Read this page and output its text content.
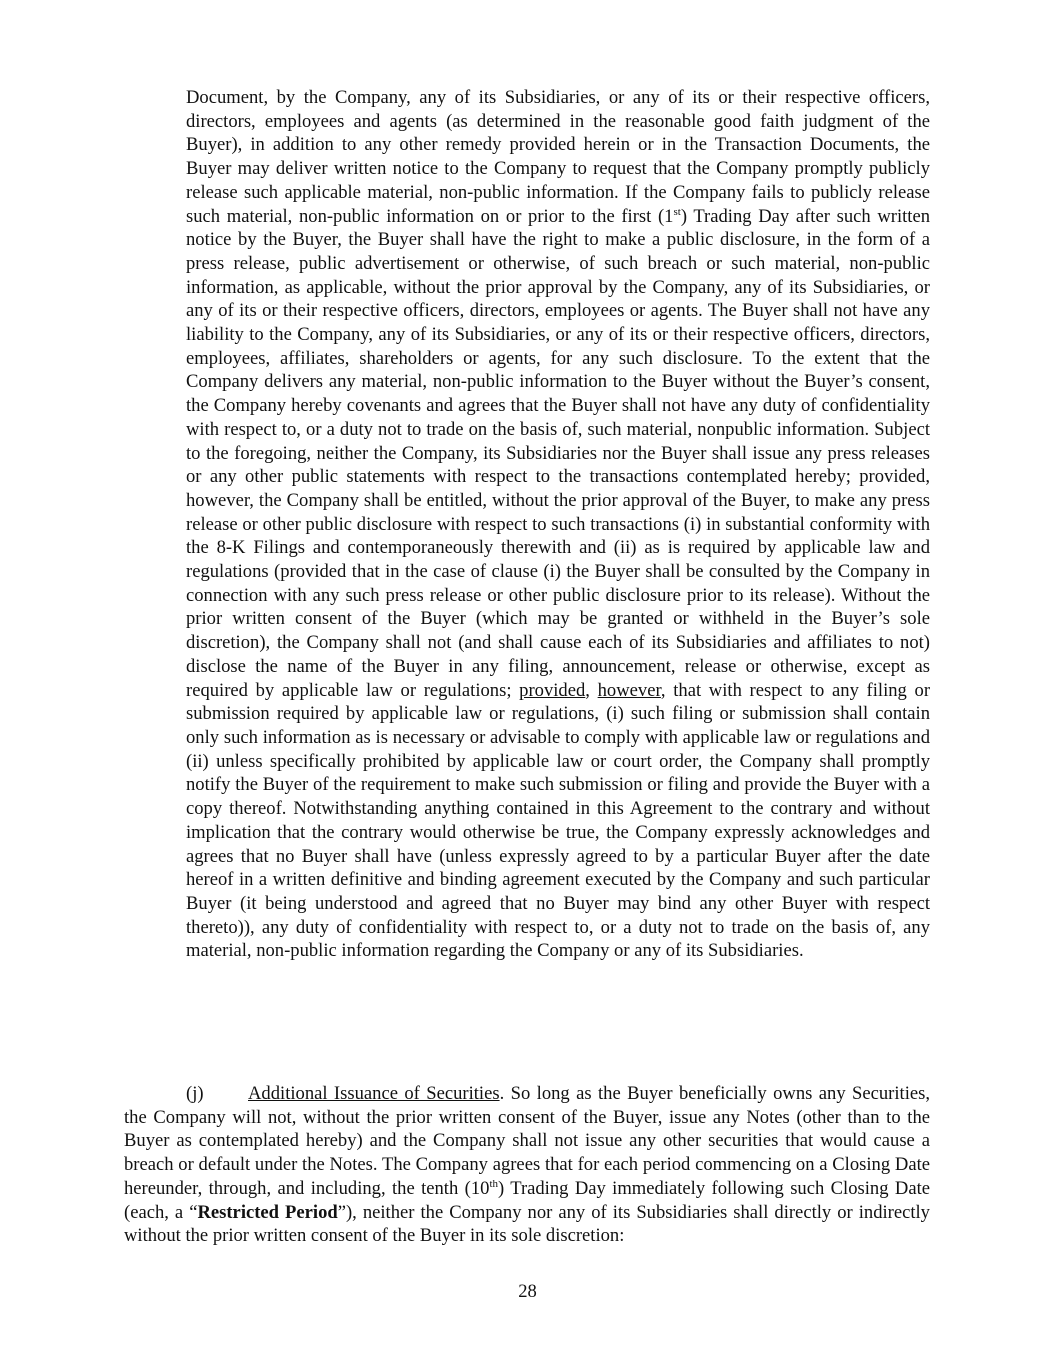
Document, by the Company, any of its Subsidiaries, or any of its or their respective officers, directors, employees and agents (as determined in the reasonable good faith judgment of the Buyer), in addition to any other remedy provided herein or in the Transaction Documents, the Buyer may deliver written notice to the Company to request that the Company promptly publicly release such applicable material, non-public information. If the Company fails to publicly release such material, non-public information on or prior to the first (1st) Trading Day after such written notice by the Buyer, the Buyer shall have the right to make a public disclosure, in the form of a press release, public advertisement or otherwise, of such breach or such material, non-public information, as applicable, without the prior approval by the Company, any of its Subsidiaries, or any of its or their respective officers, directors, employees or agents. The Buyer shall not have any liability to the Company, any of its Subsidiaries, or any of its or their respective officers, directors, employees, affiliates, shareholders or agents, for any such disclosure. To the extent that the Company delivers any material, non-public information to the Buyer without the Buyer’s consent, the Company hereby covenants and agrees that the Buyer shall not have any duty of confidentiality with respect to, or a duty not to trade on the basis of, such material, nonpublic information. Subject to the foregoing, neither the Company, its Subsidiaries nor the Buyer shall issue any press releases or any other public statements with respect to the transactions contemplated hereby; provided, however, the Company shall be entitled, without the prior approval of the Buyer, to make any press release or other public disclosure with respect to such transactions (i) in substantial conformity with the 8-K Filings and contemporaneously therewith and (ii) as is required by applicable law and regulations (provided that in the case of clause (i) the Buyer shall be consulted by the Company in connection with any such press release or other public disclosure prior to its release). Without the prior written consent of the Buyer (which may be granted or withheld in the Buyer’s sole discretion), the Company shall not (and shall cause each of its Subsidiaries and affiliates to not) disclose the name of the Buyer in any filing, announcement, release or otherwise, except as required by applicable law or regulations; provided, however, that with respect to any filing or submission required by applicable law or regulations, (i) such filing or submission shall contain only such information as is necessary or advisable to comply with applicable law or regulations and (ii) unless specifically prohibited by applicable law or court order, the Company shall promptly notify the Buyer of the requirement to make such submission or filing and provide the Buyer with a copy thereof. Notwithstanding anything contained in this Agreement to the contrary and without implication that the contrary would otherwise be true, the Company expressly acknowledges and agrees that no Buyer shall have (unless expressly agreed to by a particular Buyer after the date hereof in a written definitive and binding agreement executed by the Company and such particular Buyer (it being understood and agreed that no Buyer may bind any other Buyer with respect thereto)), any duty of confidentiality with respect to, or a duty not to trade on the basis of, any material, non-public information regarding the Company or any of its Subsidiaries.

(j) Additional Issuance of Securities. So long as the Buyer beneficially owns any Securities, the Company will not, without the prior written consent of the Buyer, issue any Notes (other than to the Buyer as contemplated hereby) and the Company shall not issue any other securities that would cause a breach or default under the Notes. The Company agrees that for each period commencing on a Closing Date hereunder, through, and including, the tenth (10th) Trading Day immediately following such Closing Date (each, a “Restricted Period”), neither the Company nor any of its Subsidiaries shall directly or indirectly without the prior written consent of the Buyer in its sole discretion:

28
